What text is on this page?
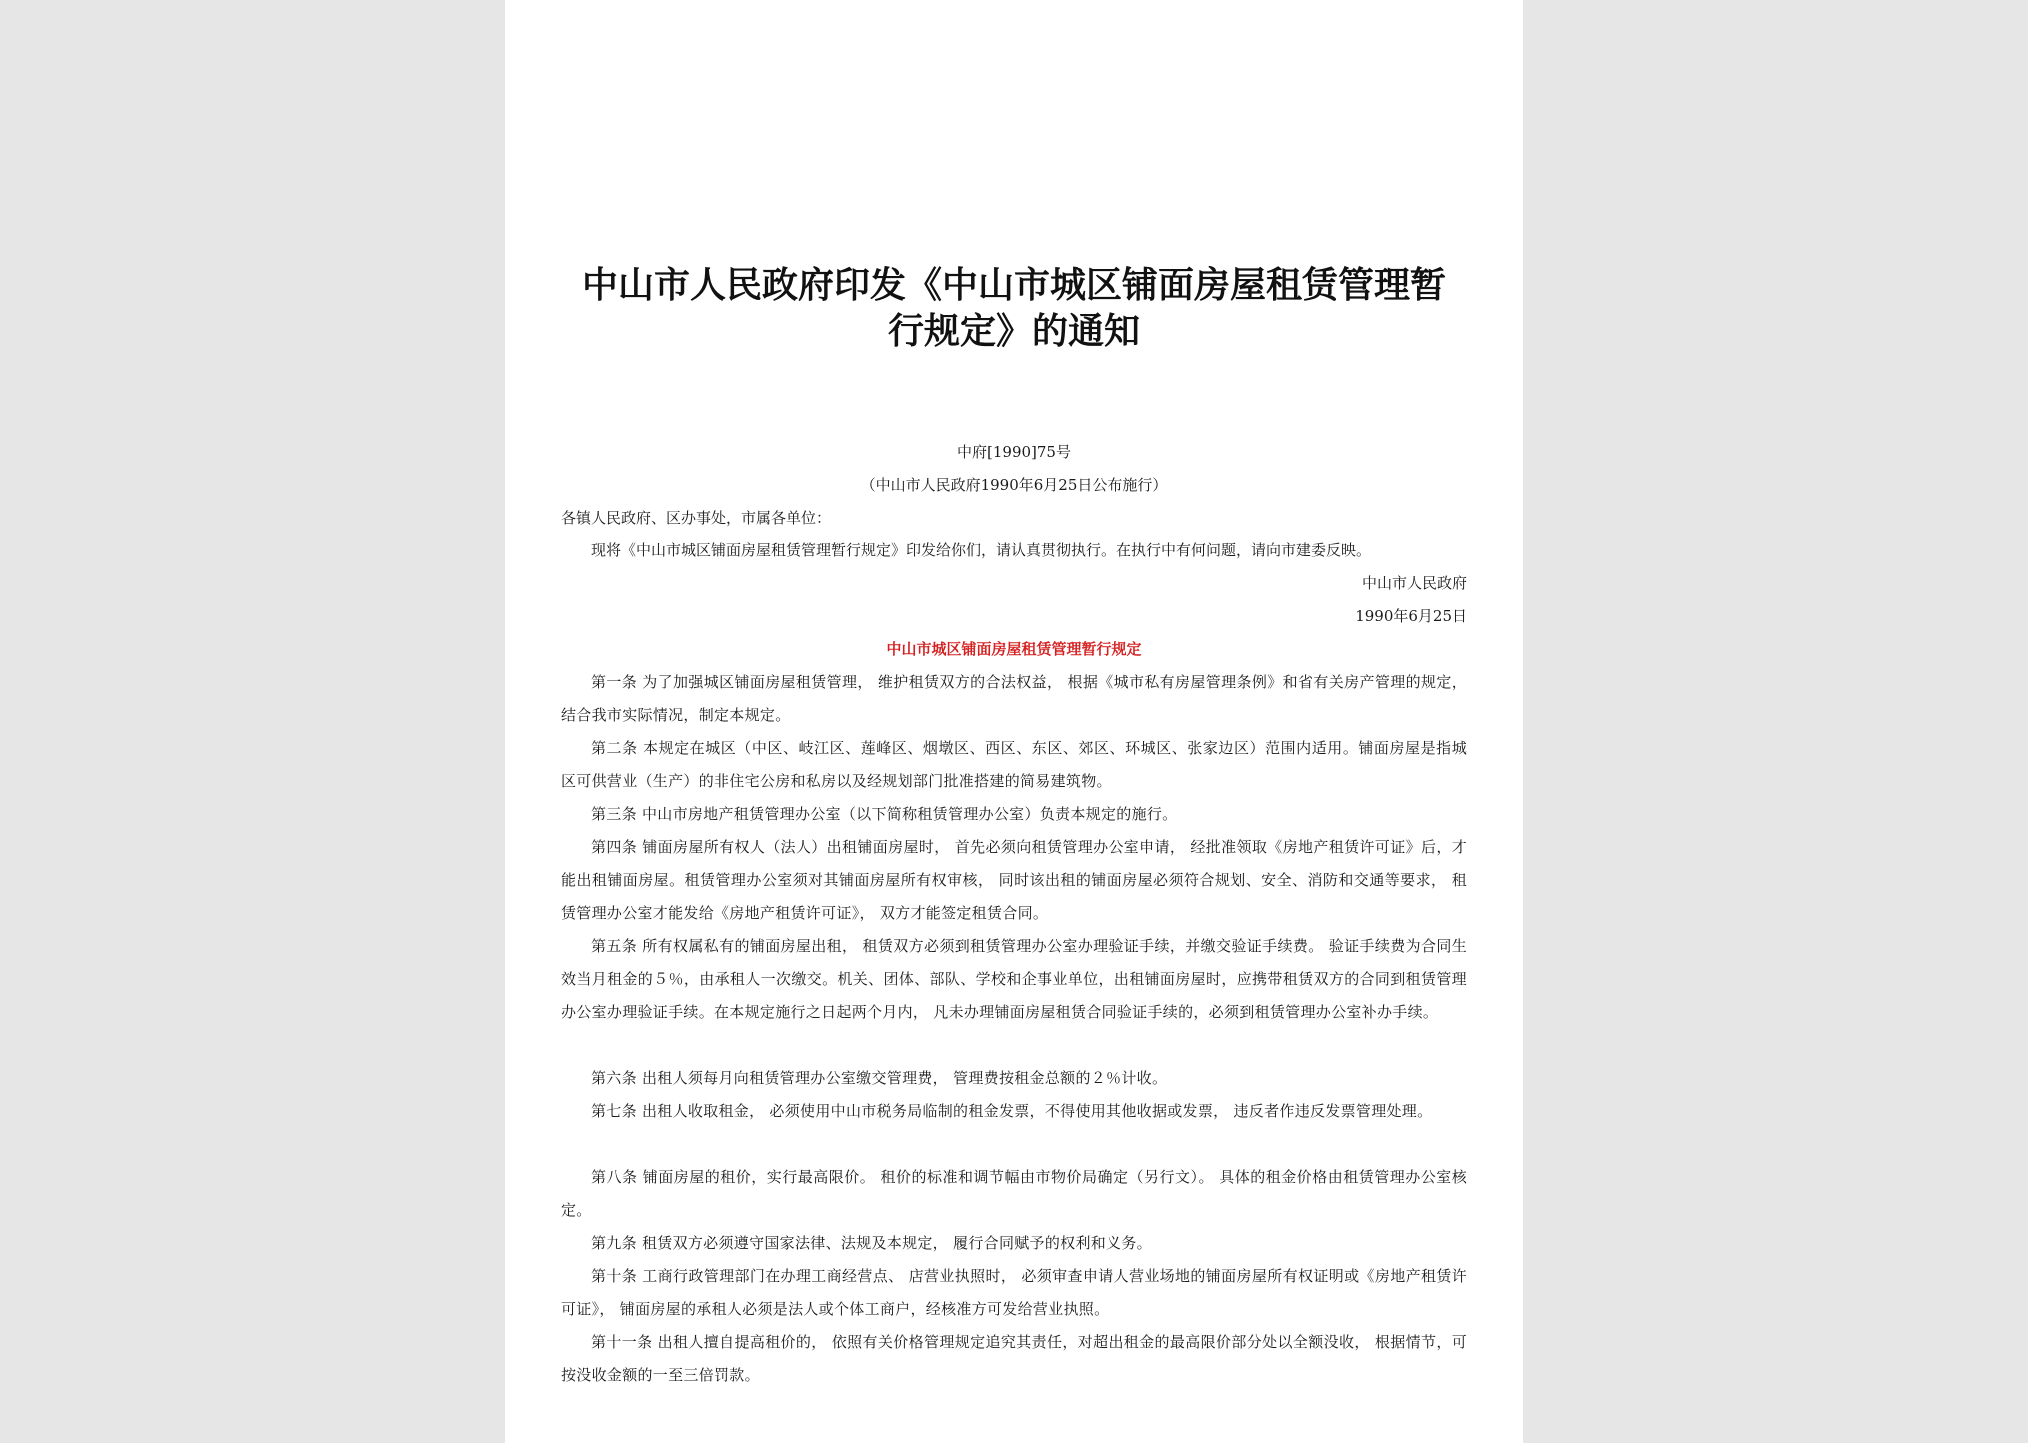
中山市人民政府印发《中山市城区铺面房屋租赁管理暂
行规定》的通知
中府[1990]75号
（中山市人民政府1990年6月25日公布施行）
各镇人民政府、区办事处，市属各单位：
现将《中山市城区铺面房屋租赁管理暂行规定》印发给你们，请认真贯彻执行。在执行中有何问题，请向市建委反映。
中山市人民政府
1990年6月25日
中山市城区铺面房屋租赁管理暂行规定

第一条 为了加强城区铺面房屋租赁管理， 维护租赁双方的合法权益， 根据《城市私有房屋管理条例》和省有关房产管理的规定，结合我市实际情况，制定本规定。

第二条 本规定在城区（中区、岐江区、莲峰区、烟墩区、西区、东区、郊区、环城区、张家边区）范围内适用。铺面房屋是指城区可供营业（生产）的非住宅公房和私房以及经规划部门批准搭建的简易建筑物。

第三条 中山市房地产租赁管理办公室（以下简称租赁管理办公室）负责本规定的施行。

第四条 铺面房屋所有权人（法人）出租铺面房屋时， 首先必须向租赁管理办公室申请， 经批准领取《房地产租赁许可证》后，才能出租铺面房屋。租赁管理办公室须对其铺面房屋所有权审核， 同时该出租的铺面房屋必须符合规划、安全、消防和交通等要求， 租赁管理办公室才能发给《房地产租赁许可证》， 双方才能签定租赁合同。

第五条 所有权属私有的铺面房屋出租， 租赁双方必须到租赁管理办公室办理验证手续，并缴交验证手续费。 验证手续费为合同生效当月租金的５％，由承租人一次缴交。机关、团体、部队、学校和企事业单位，出租铺面房屋时，应携带租赁双方的合同到租赁管理办公室办理验证手续。在本规定施行之日起两个月内， 凡未办理铺面房屋租赁合同验证手续的，必须到租赁管理办公室补办手续。

第六条 出租人须每月向租赁管理办公室缴交管理费， 管理费按租金总额的２％计收。

第七条 出租人收取租金， 必须使用中山市税务局临制的租金发票，不得使用其他收据或发票， 违反者作违反发票管理处理。

第八条 铺面房屋的租价，实行最高限价。 租价的标准和调节幅由市物价局确定（另行文）。 具体的租金价格由租赁管理办公室核定。

第九条 租赁双方必须遵守国家法律、法规及本规定， 履行合同赋予的权利和义务。

第十条 工商行政管理部门在办理工商经营点、 店营业执照时， 必须审查申请人营业场地的铺面房屋所有权证明或《房地产租赁许可证》， 铺面房屋的承租人必须是法人或个体工商户，经核准方可发给营业执照。

第十一条 出租人擅自提高租价的， 依照有关价格管理规定追究其责任，对超出租金的最高限价部分处以全额没收， 根据情节，可按没收金额的一至三倍罚款。
